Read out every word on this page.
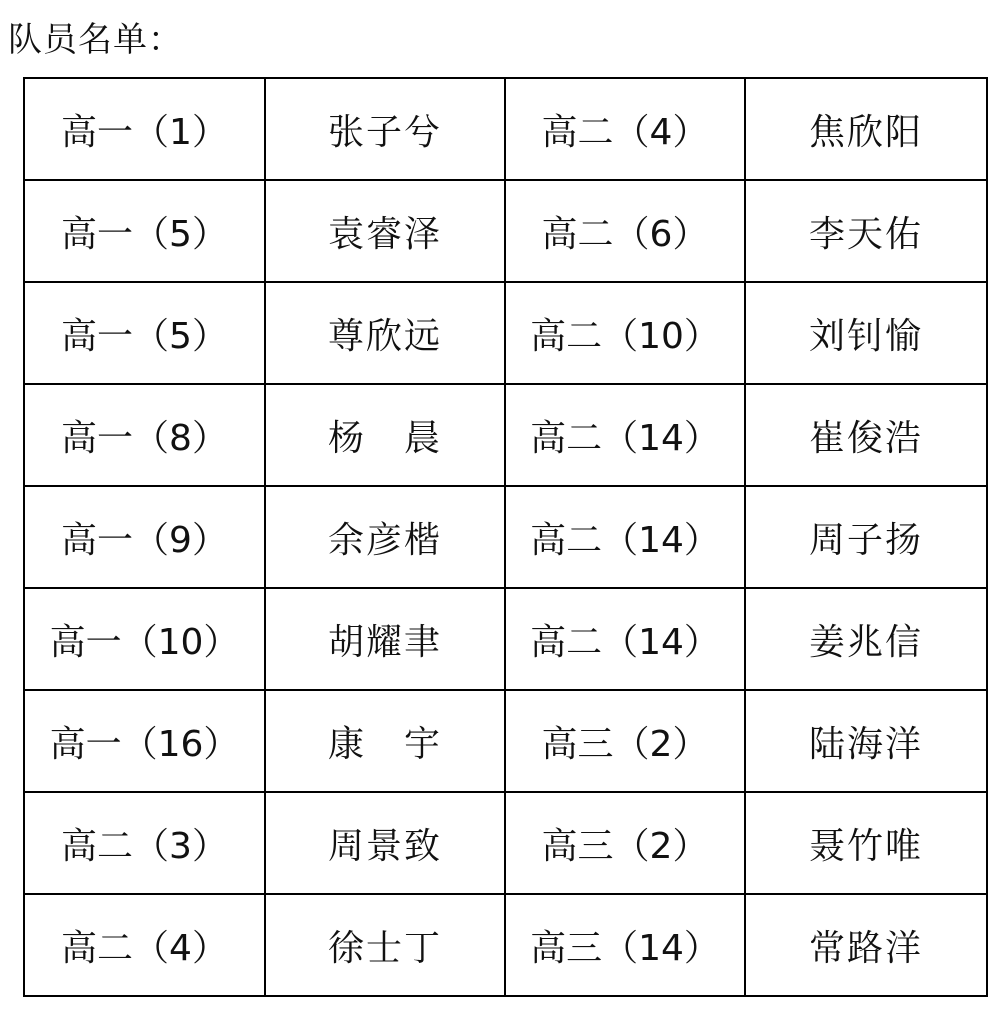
队员名单：
高一（1）	张子兮	高二（4）	焦欣阳
高一（5）	袁睿泽	高二（6）	李天佑
高一（5）	尊欣远	高二（10）	刘钊愉
高一（8）	杨　晨	高二（14）	崔俊浩
高一（9）	余彦楷	高二（14）	周子扬
高一（10）	胡耀聿	高二（14）	姜兆信
高一（16）	康　宇	高三（2）	陆海洋
高二（3）	周景致	高三（2）	聂竹唯
高二（4）	徐士丁	高三（14）	常路洋
